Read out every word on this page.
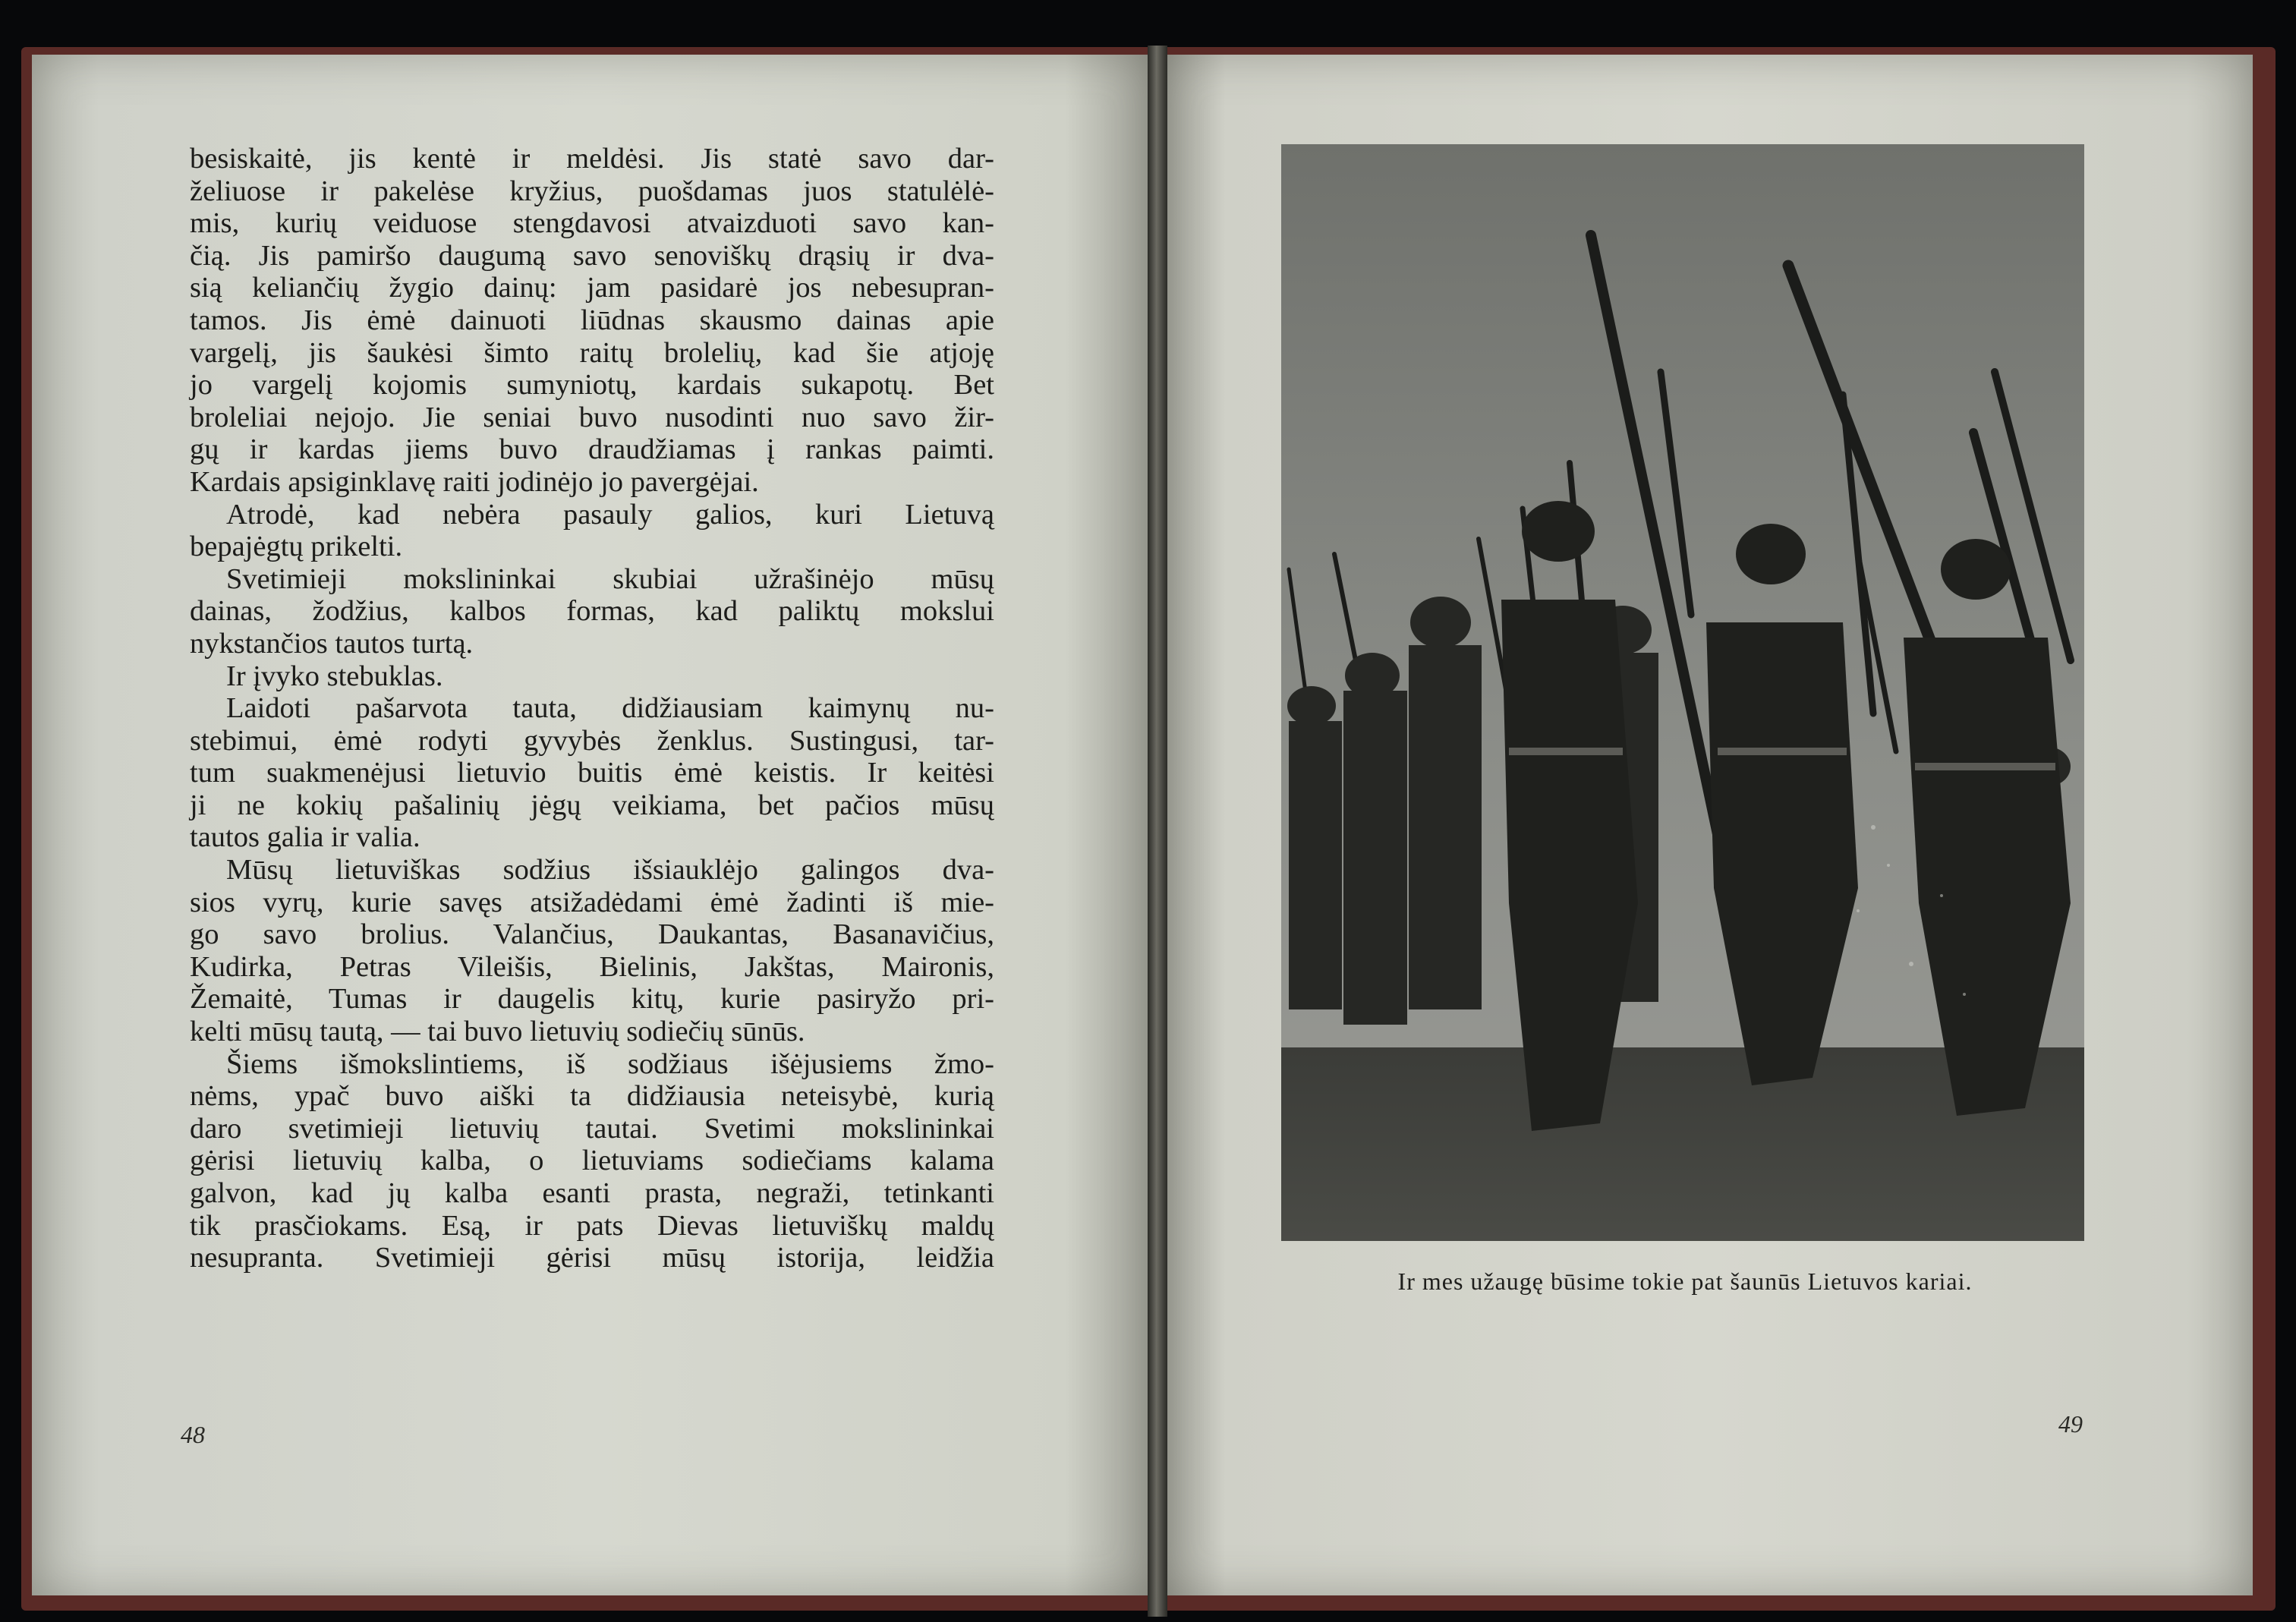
besiskaitė, jis kentė ir meldėsi. Jis statė savo dar-
želiuose ir pakelėse kryžius, puošdamas juos statulėlė-
mis, kurių veiduose stengdavosi atvaizduoti savo kan-
čią. Jis pamiršo daugumą savo senoviškų drąsių ir dva-
sią keliančių žygio dainų: jam pasidarė jos nebesupran-
tamos. Jis ėmė dainuoti liūdnas skausmo dainas apie
vargelį, jis šaukėsi šimto raitų brolelių, kad šie atjoję
jo vargelį kojomis sumyniotų, kardais sukapotų. Bet
broleliai nejojo. Jie seniai buvo nusodinti nuo savo žir-
gų ir kardas jiems buvo draudžiamas į rankas paimti.
Kardais apsiginklavę raiti jodinėjo jo pavergėjai.
Atrodė, kad nebėra pasauly galios, kuri Lietuvą
bepajėgtų prikelti.
Svetimieji mokslininkai skubiai užrašinėjo mūsų
dainas, žodžius, kalbos formas, kad paliktų mokslui
nykstančios tautos turtą.
Ir įvyko stebuklas.
Laidoti pašarvota tauta, didžiausiam kaimynų nu-
stebimui, ėmė rodyti gyvybės ženklus. Sustingusi, tar-
tum suakmenėjusi lietuvio buitis ėmė keistis. Ir keitėsi
ji ne kokių pašalinių jėgų veikiama, bet pačios mūsų
tautos galia ir valia.
Mūsų lietuviškas sodžius išsiauklėjo galingos dva-
sios vyrų, kurie savęs atsižadėdami ėmė žadinti iš mie-
go savo brolius. Valančius, Daukantas, Basanavičius,
Kudirka, Petras Vileišis, Bielinis, Jakštas, Maironis,
Žemaitė, Tumas ir daugelis kitų, kurie pasiryžo pri-
kelti mūsų tautą, — tai buvo lietuvių sodiečių sūnūs.
Šiems išmokslintiems, iš sodžiaus išėjusiems žmo-
nėms, ypač buvo aiški ta didžiausia neteisybė, kurią
daro svetimieji lietuvių tautai. Svetimi mokslininkai
gėrisi lietuvių kalba, o lietuviams sodiečiams kalama
galvon, kad jų kalba esanti prasta, negraži, tetinkanti
tik prasčiokams. Esą, ir pats Dievas lietuviškų maldų
nesupranta. Svetimieji gėrisi mūsų istorija, leidžia
48
Ir mes užaugę būsime tokie pat šaunūs Lietuvos kariai.
49
